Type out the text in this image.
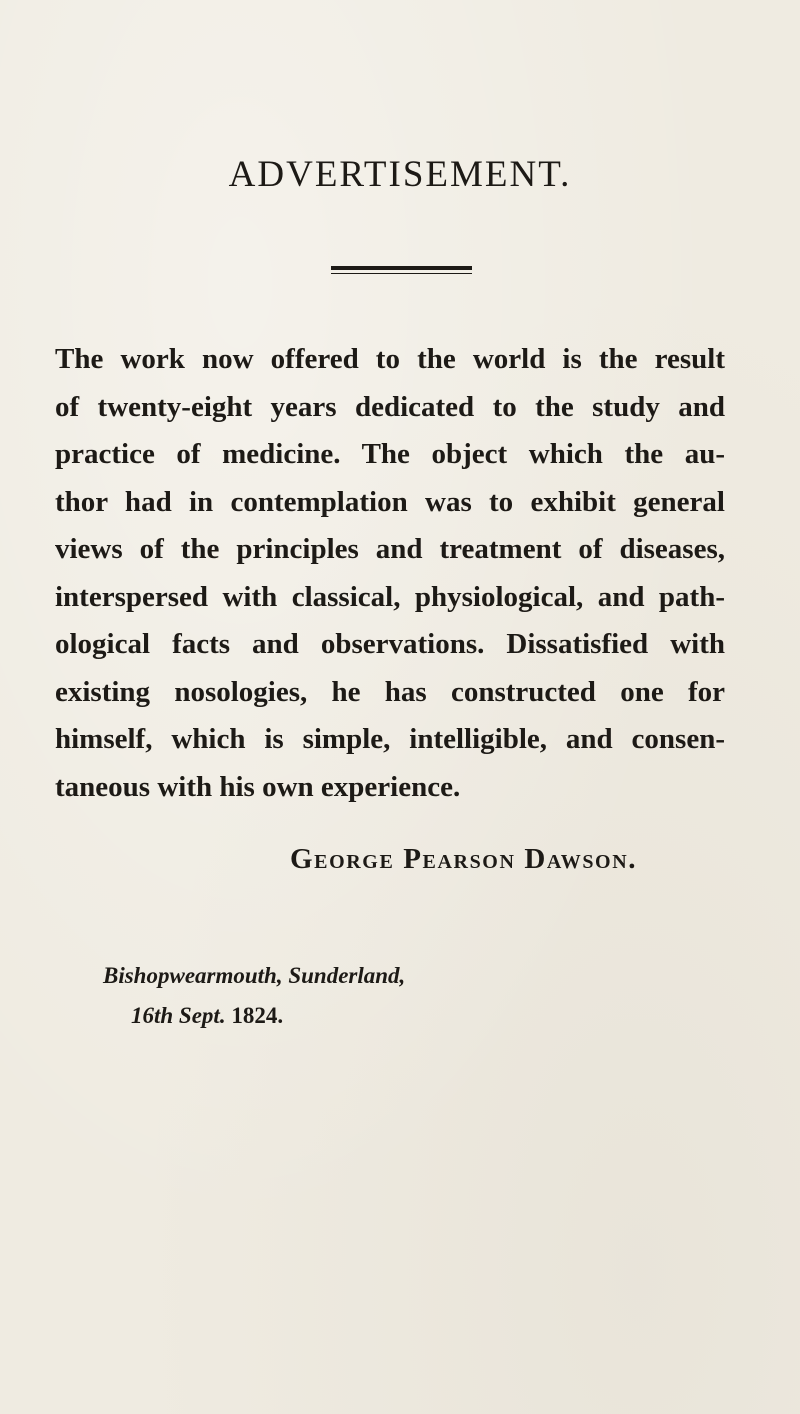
ADVERTISEMENT.

The work now offered to the world is the result
of twenty-eight years dedicated to the study and
practice of medicine. The object which the au-
thor had in contemplation was to exhibit general
views of the principles and treatment of diseases,
interspersed with classical, physiological, and path-
ological facts and observations. Dissatisfied with
existing nosologies, he has constructed one for
himself, which is simple, intelligible, and consen-
taneous with his own experience.

George Pearson Dawson.

Bishopwearmouth, Sunderland,

16th Sept. 1824.
